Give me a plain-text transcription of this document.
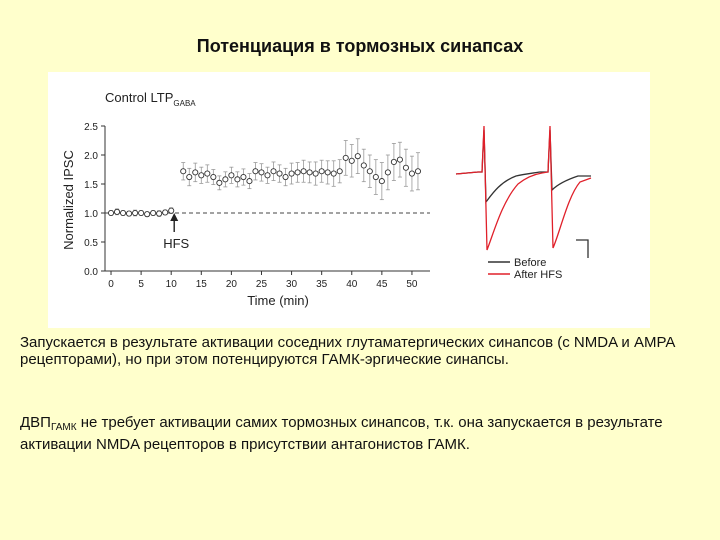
Потенциация в тормозных синапсах
Control $LTP_{GABA}$
0.0
0.5
1.0
1.5
2.0
2.5
0 5 10 15 20 25 30 35 40 45 50
HFS
Time (min)
Normalized IPSC
Before
After HFS
Запускается в результате активации соседних глутаматергических синапсов (с NMDA и AMPA рецепторами), но при этом потенцируются ГАМК-эргические синапсы.
$ДВП_{ГАМК}$ не требует активации самих тормозных синапсов, т.к. она запускается в результате активации NMDA рецепторов в присутствии антагонистов ГАМК.
